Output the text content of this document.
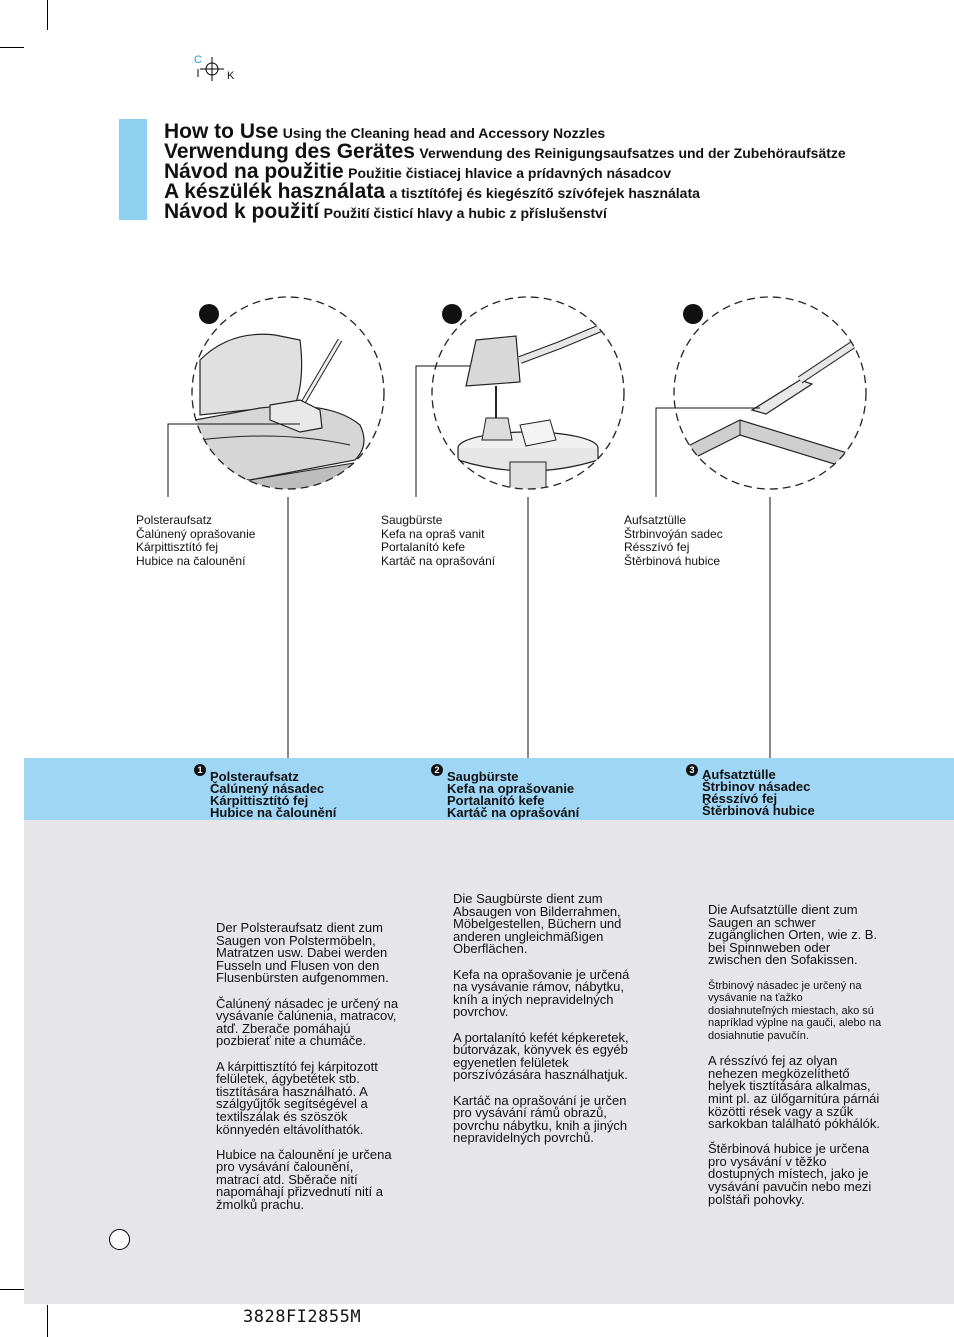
C
K
How to Use Using the Cleaning head and Accessory Nozzles
Verwendung des Gerätes Verwendung des Reinigungsaufsatzes und der Zubehöraufsätze
Návod na použitie Použitie čistiacej hlavice a prídavných násadcov
A készülék használata a tisztítófej és kiegészítő szívófejek használata
Návod k použití Použití čisticí hlavy a hubic z příslušenství
Polsteraufsatz
Čalúnený oprašovanie
Kárpittisztító fej
Hubice na čalounění
Saugbürste
Kefa na opraš vanit
Portalanító kefe
Kartáč na oprašování
Aufsatztülle
Štrbinvoýán sadec
Résszívó fej
Štěrbinová hubice
1 Polsteraufsatz
Čalúnený násadec
Kárpittisztító fej
Hubice na čalounění
2 Saugbürste
Kefa na oprašovanie
Portalanító kefe
Kartáč na oprašování
3 Aufsatztülle
Štrbinov násadec
Résszívó fej
Štěrbinová hubice

Der Polsteraufsatz dient zum Saugen von Polstermöbeln, Matratzen usw. Dabei werden Fusseln und Flusen von den Flusenbürsten aufgenommen.

Čalúnený násadec je určený na vysávanie čalúnenia, matracov, atď. Zberače pomáhajú pozbierať nite a chumáče.

A kárpittisztító fej kárpitozott felületek, ágybetétek stb. tisztítására használható. A szálgyűjtők segítségével a textilszálak és szöszök könnyedén eltávolíthatók.

Hubice na čalounění je určena pro vysávání čalounění, matrací atd. Sběrače nití napomáhají přizvednutí nití a žmolků prachu.

Die Saugbürste dient zum Absaugen von Bilderrahmen, Möbelgestellen, Büchern und anderen ungleichmäßigen Oberflächen.

Kefa na oprašovanie je určená na vysávanie rámov, nábytku, kníh a iných nepravidelných povrchov.

A portalanító kefét képkeretek, bútorvázak, könyvek és egyéb egyenetlen felületek porszívózására használhatjuk.

Kartáč na oprašování je určen pro vysávání rámů obrazů, povrchu nábytku, knih a jiných nepravidelných povrchů.

Die Aufsatztülle dient zum Saugen an schwer zugänglichen Orten, wie z. B. bei Spinnweben oder zwischen den Sofakissen.

Štrbinový násadec je určený na vysávanie na ťažko dosiahnuteľných miestach, ako sú napríklad výplne na gauči, alebo na dosiahnutie pavučín.

A résszívó fej az olyan nehezen megközelíthető helyek tisztítására alkalmas, mint pl. az ülőgarnitúra párnái közötti rések vagy a szűk sarkokban található pókhálók.

Štěrbinová hubice je určena pro vysávání v těžko dostupných místech, jako je vysávání pavučin nebo mezi polštáři pohovky.

3828FI2855M
